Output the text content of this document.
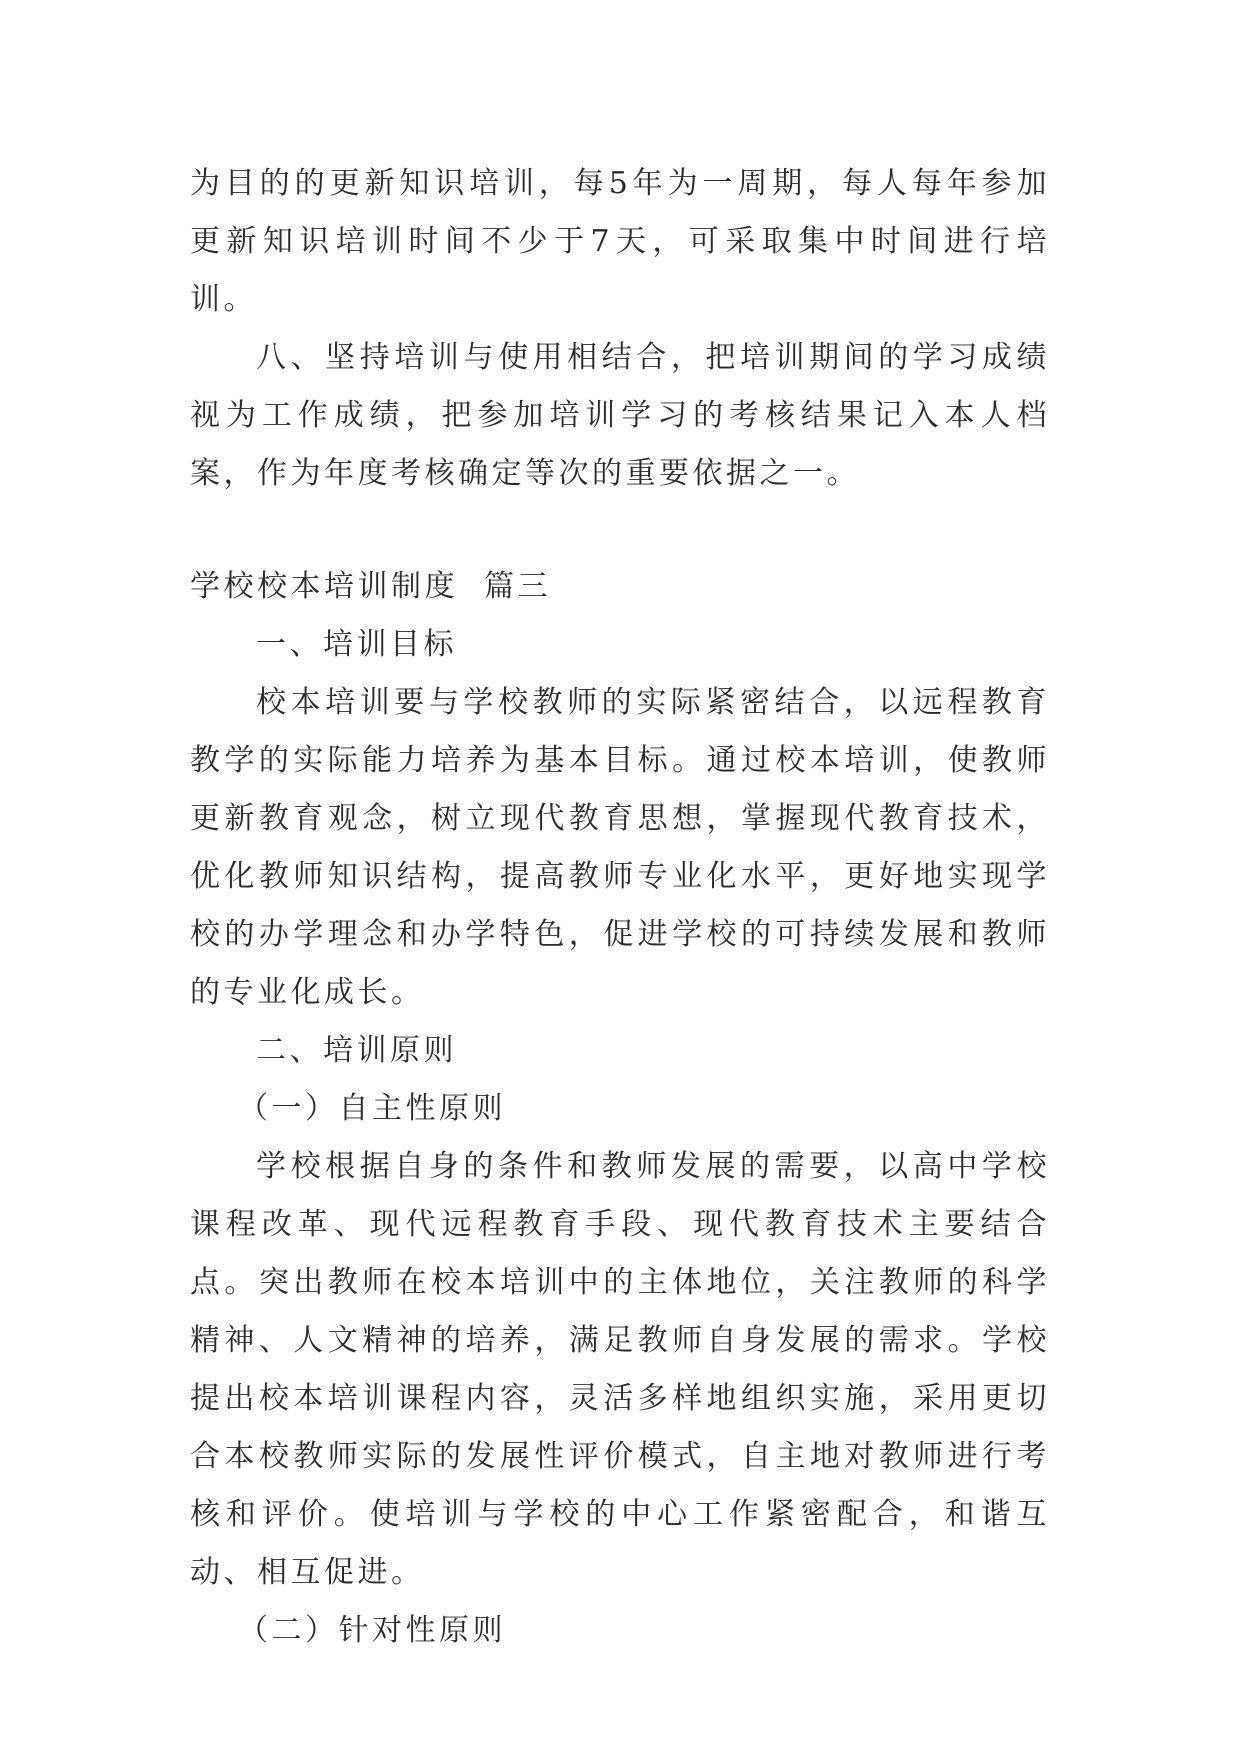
为目的的更新知识培训，每5年为一周期，每人每年参加更新知识培训时间不少于7天，可采取集中时间进行培训。

八、坚持培训与使用相结合，把培训期间的学习成绩视为工作成绩，把参加培训学习的考核结果记入本人档案，作为年度考核确定等次的重要依据之一。

学校校本培训制度  篇三

一、培训目标

校本培训要与学校教师的实际紧密结合，以远程教育教学的实际能力培养为基本目标。通过校本培训，使教师更新教育观念，树立现代教育思想，掌握现代教育技术，优化教师知识结构，提高教师专业化水平，更好地实现学校的办学理念和办学特色，促进学校的可持续发展和教师的专业化成长。

二、培训原则

（一）自主性原则

学校根据自身的条件和教师发展的需要，以高中学校课程改革、现代远程教育手段、现代教育技术主要结合点。突出教师在校本培训中的主体地位，关注教师的科学精神、人文精神的培养，满足教师自身发展的需求。学校提出校本培训课程内容，灵活多样地组织实施，采用更切合本校教师实际的发展性评价模式，自主地对教师进行考核和评价。使培训与学校的中心工作紧密配合，和谐互动、相互促进。

（二）针对性原则
